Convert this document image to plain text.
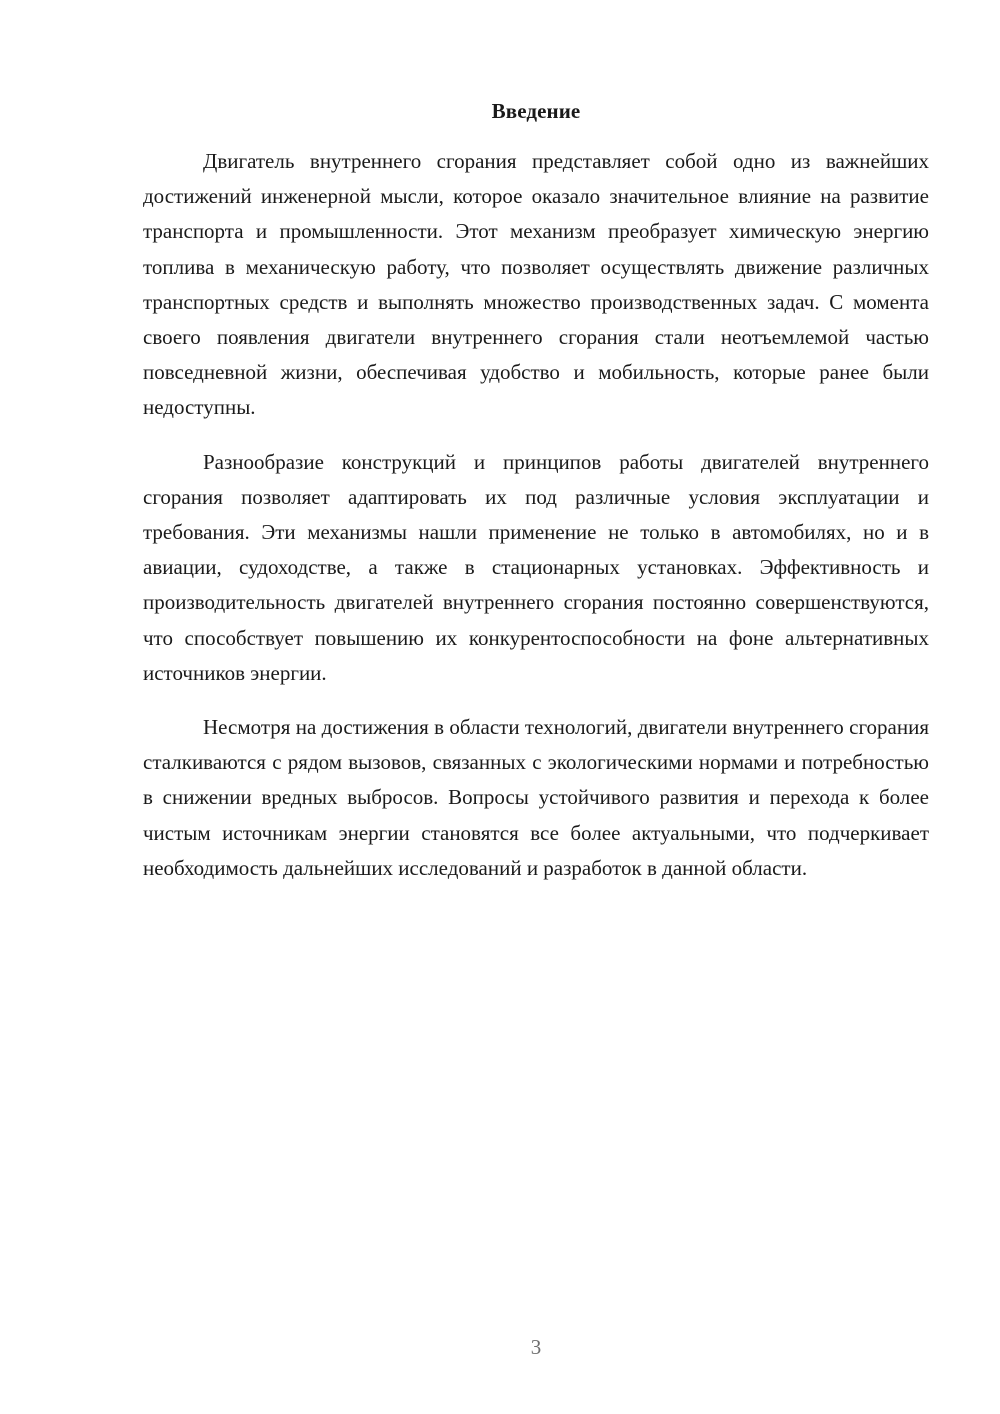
Введение

Двигатель внутреннего сгорания представляет собой одно из важнейших достижений инженерной мысли, которое оказало значительное влияние на развитие транспорта и промышленности. Этот механизм преобразует химическую энергию топлива в механическую работу, что позволяет осуществлять движение различных транспортных средств и выполнять множество производственных задач. С момента своего появления двигатели внутреннего сгорания стали неотъемлемой частью повседневной жизни, обеспечивая удобство и мобильность, которые ранее были недоступны.

Разнообразие конструкций и принципов работы двигателей внутреннего сгорания позволяет адаптировать их под различные условия эксплуатации и требования. Эти механизмы нашли применение не только в автомобилях, но и в авиации, судоходстве, а также в стационарных установках. Эффективность и производительность двигателей внутреннего сгорания постоянно совершенствуются, что способствует повышению их конкурентоспособности на фоне альтернативных источников энергии.

Несмотря на достижения в области технологий, двигатели внутреннего сгорания сталкиваются с рядом вызовов, связанных с экологическими нормами и потребностью в снижении вредных выбросов. Вопросы устойчивого развития и перехода к более чистым источникам энергии становятся все более актуальными, что подчеркивает необходимость дальнейших исследований и разработок в данной области.

3
